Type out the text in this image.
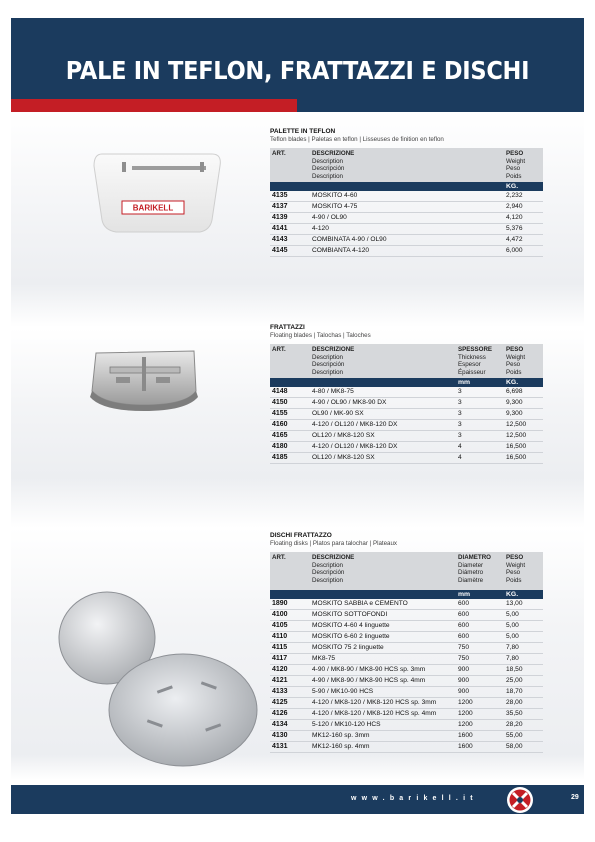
PALE IN TEFLON, FRATTAZZI E DISCHI
BARIKELL
PALETTE IN TEFLON
Teflon blades | Paletas en teflon | Lisseuses de finition en teflon
ART.	DESCRIZIONE
Description
Descripción
Description
PESO
Weight
Peso
Poids
KG.
4135	MOSKITO 4-60	2,232
4137	MOSKITO 4-75	2,940
4139	4-90 / OL90	4,120
4141	4-120	5,376
4143	COMBINATA 4-90 / OL90	4,472
4145	COMBIANTA 4-120	6,000
FRATTAZZI
Floating blades | Talochas | Taloches
ART.	DESCRIZIONE
Description
Descripción
Description
SPESSORE
Thickness
Espesor
Épaisseur
PESO
Weight
Peso
Poids
mm	KG.
4148	4-80 / MK8-75	3	6,698
4150	4-90 / OL90 / MK8-90 DX	3	9,300
4155	OL90 / MK-90 SX	3	9,300
4160	4-120 / OL120 / MK8-120 DX	3	12,500
4165	OL120 / MK8-120 SX	3	12,500
4180	4-120 / OL120 / MK8-120 DX	4	16,500
4185	OL120 / MK8-120 SX	4	16,500
DISCHI FRATTAZZO
Floating disks | Platos para talochar | Plateaux
ART.	DESCRIZIONE
Description
Descripción
Description
DIAMETRO
Diameter
Diámetro
Diamètre
PESO
Weight
Peso
Poids
mm	KG.
1890	MOSKITO SABBIA e CEMENTO	600	13,00
4100	MOSKITO SOTTOFONDI	600	5,00
4105	MOSKITO 4-60 4 linguette	600	5,00
4110	MOSKITO 6-60 2 linguette	600	5,00
4115	MOSKITO 75 2 linguette	750	7,80
4117	MK8-75	750	7,80
4120	4-90 / MK8-90 / MK8-90 HCS sp. 3mm	900	18,50
4121	4-90 / MK8-90 / MK8-90 HCS sp. 4mm	900	25,00
4133	5-90 / MK10-90 HCS	900	18,70
4125	4-120 / MK8-120 / MK8-120 HCS sp. 3mm	1200	28,00
4126	4-120 / MK8-120 / MK8-120 HCS sp. 4mm	1200	35,50
4134	5-120 / MK10-120 HCS	1200	28,20
4130	MK12-160 sp. 3mm	1600	55,00
4131	MK12-160 sp. 4mm	1600	58,00
www.barikell.it	29
